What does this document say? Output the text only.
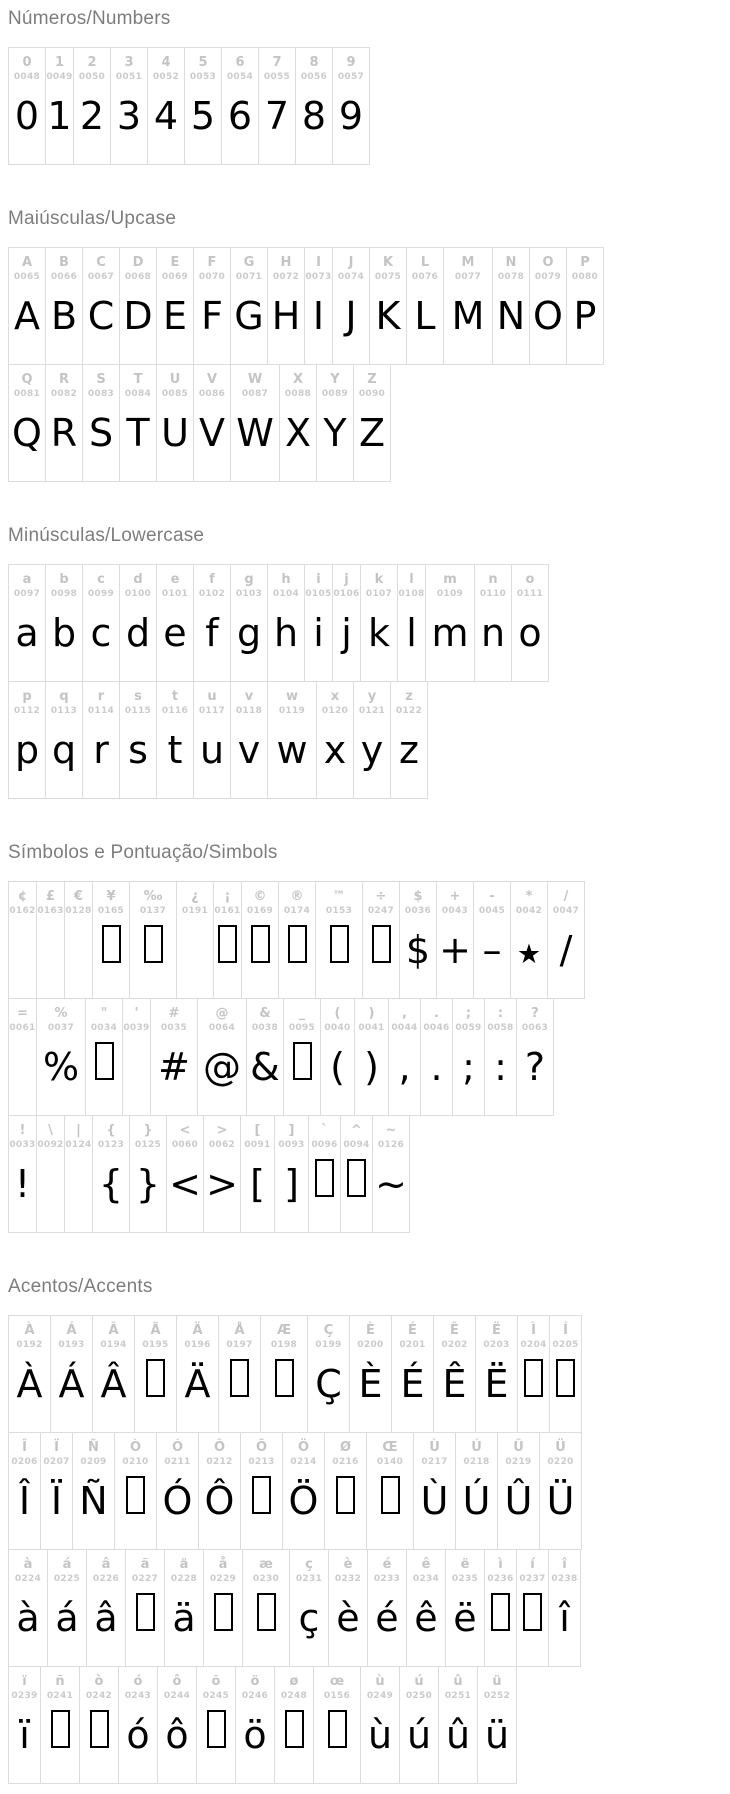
Números/Numbers
0
0048
0
1
0049
1
2
0050
2
3
0051
3
4
0052
4
5
0053
5
6
0054
6
7
0055
7
8
0056
8
9
0057
9
Maiúsculas/Upcase
A
0065
A
B
0066
B
C
0067
C
D
0068
D
E
0069
E
F
0070
F
G
0071
G
H
0072
H
I
0073
I
J
0074
J
K
0075
K
L
0076
L
M
0077
M
N
0078
N
O
0079
O
P
0080
P
Q
0081
Q
R
0082
R
S
0083
S
T
0084
T
U
0085
U
V
0086
V
W
0087
W
X
0088
X
Y
0089
Y
Z
0090
Z
Minúsculas/Lowercase
a
0097
a
b
0098
b
c
0099
c
d
0100
d
e
0101
e
f
0102
f
g
0103
g
h
0104
h
i
0105
i
j
0106
j
k
0107
k
l
0108
l
m
0109
m
n
0110
n
o
0111
o
p
0112
p
q
0113
q
r
0114
r
s
0115
s
t
0116
t
u
0117
u
v
0118
v
w
0119
w
x
0120
x
y
0121
y
z
0122
z
Símbolos e Pontuação/Simbols
¢
0162
£
0163
€
0128
¥
0165
‰
0137
¿
0191
¡
0161
©
0169
®
0174
™
0153
÷
0247
$
0036
$
+
0043
+
-
0045
–
*
0042
★
/
0047
/
=
0061
%
0037
%
"
0034
'
0039
#
0035
#
@
0064
@
&
0038
&
_
0095
(
0040
(
)
0041
)
,
0044
,
.
0046
.
;
0059
;
:
0058
:
?
0063
?
!
0033
!
\
0092
|
0124
{
0123
{
}
0125
}
<
0060
<
>
0062
>
[
0091
[
]
0093
]
`
0096
^
0094
~
0126
~
Acentos/Accents
À
0192
À
Á
0193
Á
Â
0194
Â
Ã
0195
Ä
0196
Ä
Å
0197
Æ
0198
Ç
0199
Ç
È
0200
È
É
0201
É
Ê
0202
Ê
Ë
0203
Ë
Ì
0204
Í
0205
Î
0206
Î
Ï
0207
Ï
Ñ
0209
Ñ
Ò
0210
Ó
0211
Ó
Ô
0212
Ô
Õ
0213
Ö
0214
Ö
Ø
0216
Œ
0140
Ù
0217
Ù
Ú
0218
Ú
Û
0219
Û
Ü
0220
Ü
à
0224
à
á
0225
á
â
0226
â
ã
0227
ä
0228
ä
å
0229
æ
0230
ç
0231
ç
è
0232
è
é
0233
é
ê
0234
ê
ë
0235
ë
ì
0236
í
0237
î
0238
î
ï
0239
ï
ñ
0241
ò
0242
ó
0243
ó
ô
0244
ô
õ
0245
ö
0246
ö
ø
0248
œ
0156
ù
0249
ù
ú
0250
ú
û
0251
û
ü
0252
ü
